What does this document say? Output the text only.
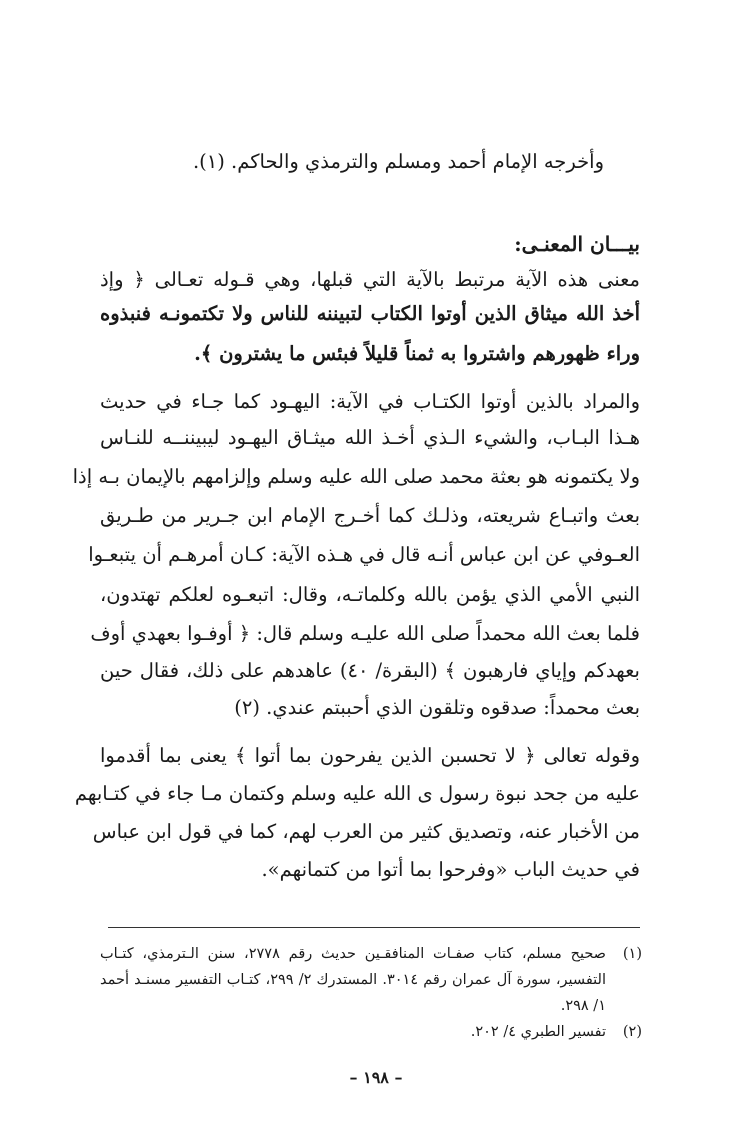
وأخرجه الإمام أحمد ومسلم والترمذي والحاكم. (١).
بيـــان المعنـى:
معنى هذه الآية مرتبط بالآية التي قبلها، وهي قـوله تعـالى ﴿ وإذ
أخذ الله ميثاق الذين أوتوا الكتاب لتبيننه للناس ولا تكتمونـه فنبذوه
وراء ظهورهم واشتروا به ثمناً قليلاً فبئس ما يشترون ﴾.
والمراد بالذين أوتوا الكتـاب في الآية: اليهـود كما جـاء في حديث
هـذا البـاب، والشيء الـذي أخـذ الله ميثـاق اليهـود ليبيننــه للنـاس
ولا يكتمونه هو بعثة محمد صلى الله عليه وسلم وإلزامهم بالإيمان بـه إذا
بعث واتبـاع شريعته، وذلـك كما أخـرج الإمام ابن جـرير من طـريق
العـوفي عن ابن عباس أنـه قال في هـذه الآية: كـان أمرهـم أن يتبعـوا
النبي الأمي الذي يؤمن بالله وكلماتـه، وقال: اتبعـوه لعلكم تهتدون،
فلما بعث الله محمداً صلى الله عليـه وسلم قال: ﴿ أوفـوا بعهدي أوف
بعهدكم وإياي فارهبون ﴾ (البقرة/ ٤٠) عاهدهم على ذلك، فقال حين
بعث محمداً: صدقوه وتلقون الذي أحببتم عندي. (٢)
وقوله تعالى ﴿ لا تحسبن الذين يفرحون بما أتوا ﴾ يعنى بما أقدموا
عليه من جحد نبوة رسول ى الله عليه وسلم وكتمان مـا جاء في كتـابهم
من الأخبار عنه، وتصديق كثير من العرب لهم، كما في قول ابن عباس
في حديث الباب «وفرحوا بما أتوا من كتمانهم».
(١)
صحيح مسلم، كتاب صفـات المنافقـين حديث رقم ٢٧٧٨، سنن الـترمذي، كتـاب
التفسير، سورة آل عمران رقم ٣٠١٤. المستدرك ٢/ ٢٩٩، كتـاب التفسير مسنـد أحمد
١/ ٢٩٨.
(٢)
تفسير الطبري ٤/ ٢٠٢.
– ١٩٨ –
